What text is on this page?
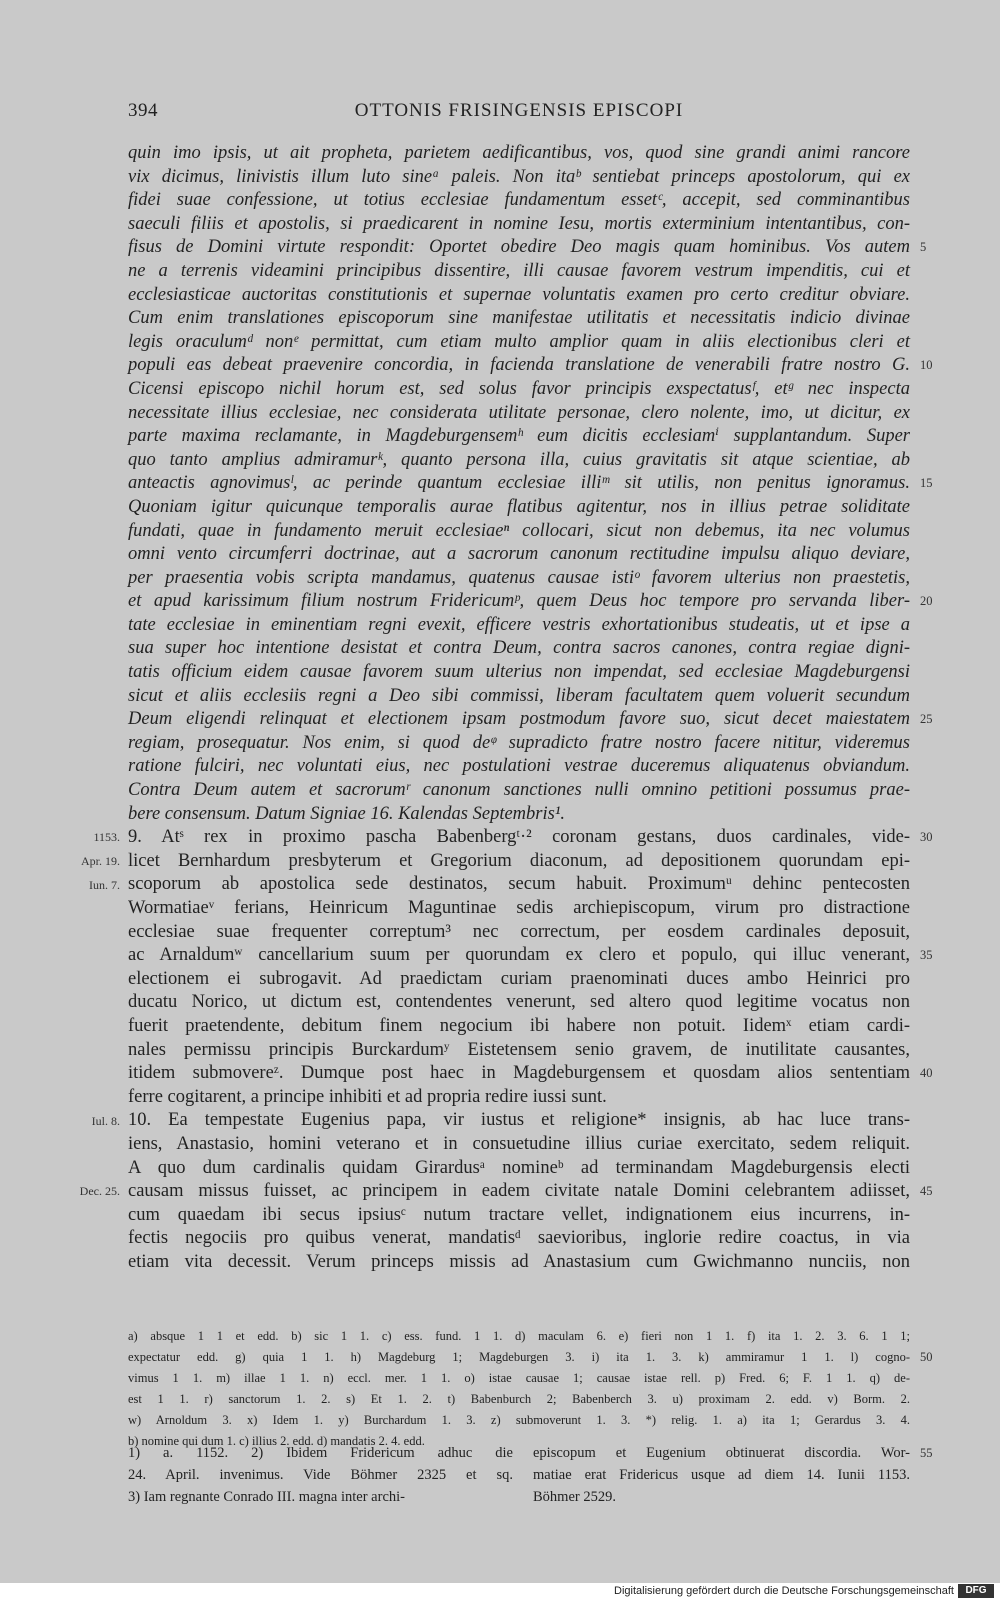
394	OTTONIS FRISINGENSIS EPISCOPI
quin imo ipsis, ut ait propheta, parietem aedificantibus, vos, quod sine grandi animi rancore
vix dicimus, linivistis illum luto sineᵃ paleis. Non itaᵇ sentiebat princeps apostolorum, qui ex
fidei suae confessione, ut totius ecclesiae fundamentum essetᶜ, accepit, sed comminantibus
saeculi filiis et apostolis, si praedicarent in nomine Iesu, mortis exterminium intentantibus, con-
fisus de Domini virtute respondit: Oportet obedire Deo magis quam hominibus. Vos autem 5
ne a terrenis videamini principibus dissentire, illi causae favorem vestrum impenditis, cui et
ecclesiasticae auctoritas constitutionis et supernae voluntatis examen pro certo creditur obviare.
Cum enim translationes episcoporum sine manifestae utilitatis et necessitatis indicio divinae
legis oraculumᵈ nonᵉ permittat, cum etiam multo amplior quam in aliis electionibus cleri et
populi eas debeat praevenire concordia, in facienda translatione de venerabili fratre nostro G. 10
Cicensi episcopo nichil horum est, sed solus favor principis exspectatusᶠ, etᵍ nec inspecta
necessitate illius ecclesiae, nec considerata utilitate personae, clero nolente, imo, ut dicitur, ex
parte maxima reclamante, in Magdeburgensemʰ eum dicitis ecclesiamⁱ supplantandum. Super
quo tanto amplius admiramurᵏ, quanto persona illa, cuius gravitatis sit atque scientiae, ab
anteactis agnovimusˡ, ac perinde quantum ecclesiae illiᵐ sit utilis, non penitus ignoramus. 15
Quoniam igitur quicunque temporalis aurae flatibus agitentur, nos in illius petrae soliditate
fundati, quae in fundamento meruit ecclesiaeⁿ collocari, sicut non debemus, ita nec volumus
omni vento circumferri doctrinae, aut a sacrorum canonum rectitudine impulsu aliquo deviare,
per praesentia vobis scripta mandamus, quatenus causae istiᵒ favorem ulterius non praestetis,
et apud karissimum filium nostrum Fridericumᵖ, quem Deus hoc tempore pro servanda liber- 20
tate ecclesiae in eminentiam regni evexit, efficere vestris exhortationibus studeatis, ut et ipse a
sua super hoc intentione desistat et contra Deum, contra sacros canones, contra regiae digni-
tatis officium eidem causae favorem suum ulterius non impendat, sed ecclesiae Magdeburgensi
sicut et aliis ecclesiis regni a Deo sibi commissi, liberam facultatem quem voluerit secundum
Deum eligendi relinquat et electionem ipsam postmodum favore suo, sicut decet maiestatem 25
regiam, prosequatur. Nos enim, si quod deᵠ supradicto fratre nostro facere nititur, videremus
ratione fulciri, nec voluntati eius, nec postulationi vestrae duceremus aliquatenus obviandum.
Contra Deum autem et sacrorumʳ canonum sanctiones nulli omnino petitioni possumus prae-
bere consensum. Datum Signiae 16. Kalendas Septembris¹.
9. Atˢ rex in proximo pascha Babenbergᵗ·² coronam gestans, duos cardinales, vide- 30
1153.
licet Bernhardum presbyterum et Gregorium diaconum, ad depositionem quorundam epi-
Apr. 19.
scoporum ab apostolica sede destinatos, secum habuit. Proximumᵘ dehinc pentecosten
Iun. 7.
Wormatiaeᵛ ferians, Heinricum Maguntinae sedis archiepiscopum, virum pro distractione
ecclesiae suae frequenter correptum³ nec correctum, per eosdem cardinales deposuit,
ac Arnaldumʷ cancellarium suum per quorundam ex clero et populo, qui illuc venerant, 35
electionem ei subrogavit. Ad praedictam curiam praenominati duces ambo Heinrici pro
ducatu Norico, ut dictum est, contendentes venerunt, sed altero quod legitime vocatus non
fuerit praetendente, debitum finem negocium ibi habere non potuit. Iidemˣ etiam cardi-
nales permissu principis Burckardumʸ Eistetensem senio gravem, de inutilitate causantes,
itidem submovereᶻ. Dumque post haec in Magdeburgensem et quosdam alios sententiam 40
ferre cogitarent, a principe inhibiti et ad propria redire iussi sunt.
10. Ea tempestate Eugenius papa, vir iustus et religione* insignis, ab hac luce trans-
Iul. 8.
iens, Anastasio, homini veterano et in consuetudine illius curiae exercitato, sedem reliquit.
A quo dum cardinalis quidam Girardusᵃ nomineᵇ ad terminandam Magdeburgensis electi
causam missus fuisset, ac principem in eadem civitate natale Domini celebrantem adiisset, 45
Dec. 25.
cum quaedam ibi secus ipsiusᶜ nutum tractare vellet, indignationem eius incurrens, in-
fectis negociis pro quibus venerat, mandatisᵈ saevioribus, inglorie redire coactus, in via
etiam vita decessit. Verum princeps missis ad Anastasium cum Gwichmanno nunciis, non
a) absque 1 1 et edd. b) sic 1 1. c) ess. fund. 1 1. d) maculam 6. e) fieri non 1 1. f) ita 1. 2. 3. 6. 1 1;
expectatur edd. g) quia 1 1. h) Magdeburg 1; Magdeburgen 3. i) ita 1. 3. k) ammiramur 1 1. l) cogno- 50
vimus 1 1. m) illae 1 1. n) eccl. mer. 1 1. o) istae causae 1; causae istae rell. p) Fred. 6; F. 1 1. q) de-
est 1 1. r) sanctorum 1. 2. s) Et 1. 2. t) Babenburch 2; Babenberch 3. u) proximam 2. edd. v) Borm. 2.
w) Arnoldum 3. x) Idem 1. y) Burchardum 1. 3. z) submoverunt 1. 3. *) relig. 1. a) ita 1; Gerardus 3. 4.
b) nomine qui dum 1. c) illius 2. edd. d) mandatis 2. 4. edd.
1) a. 1152. 2) Ibidem Fridericum adhuc die
24. April. invenimus. Vide Böhmer 2325 et sq.
3) Iam regnante Conrado III. magna inter archi-
episcopum et Eugenium obtinuerat discordia. Wor-
matiae erat Fridericus usque ad diem 14. Iunii 1153.
Böhmer 2529.
55
Digitalisierung gefördert durch die Deutsche Forschungsgemeinschaft	DFG
